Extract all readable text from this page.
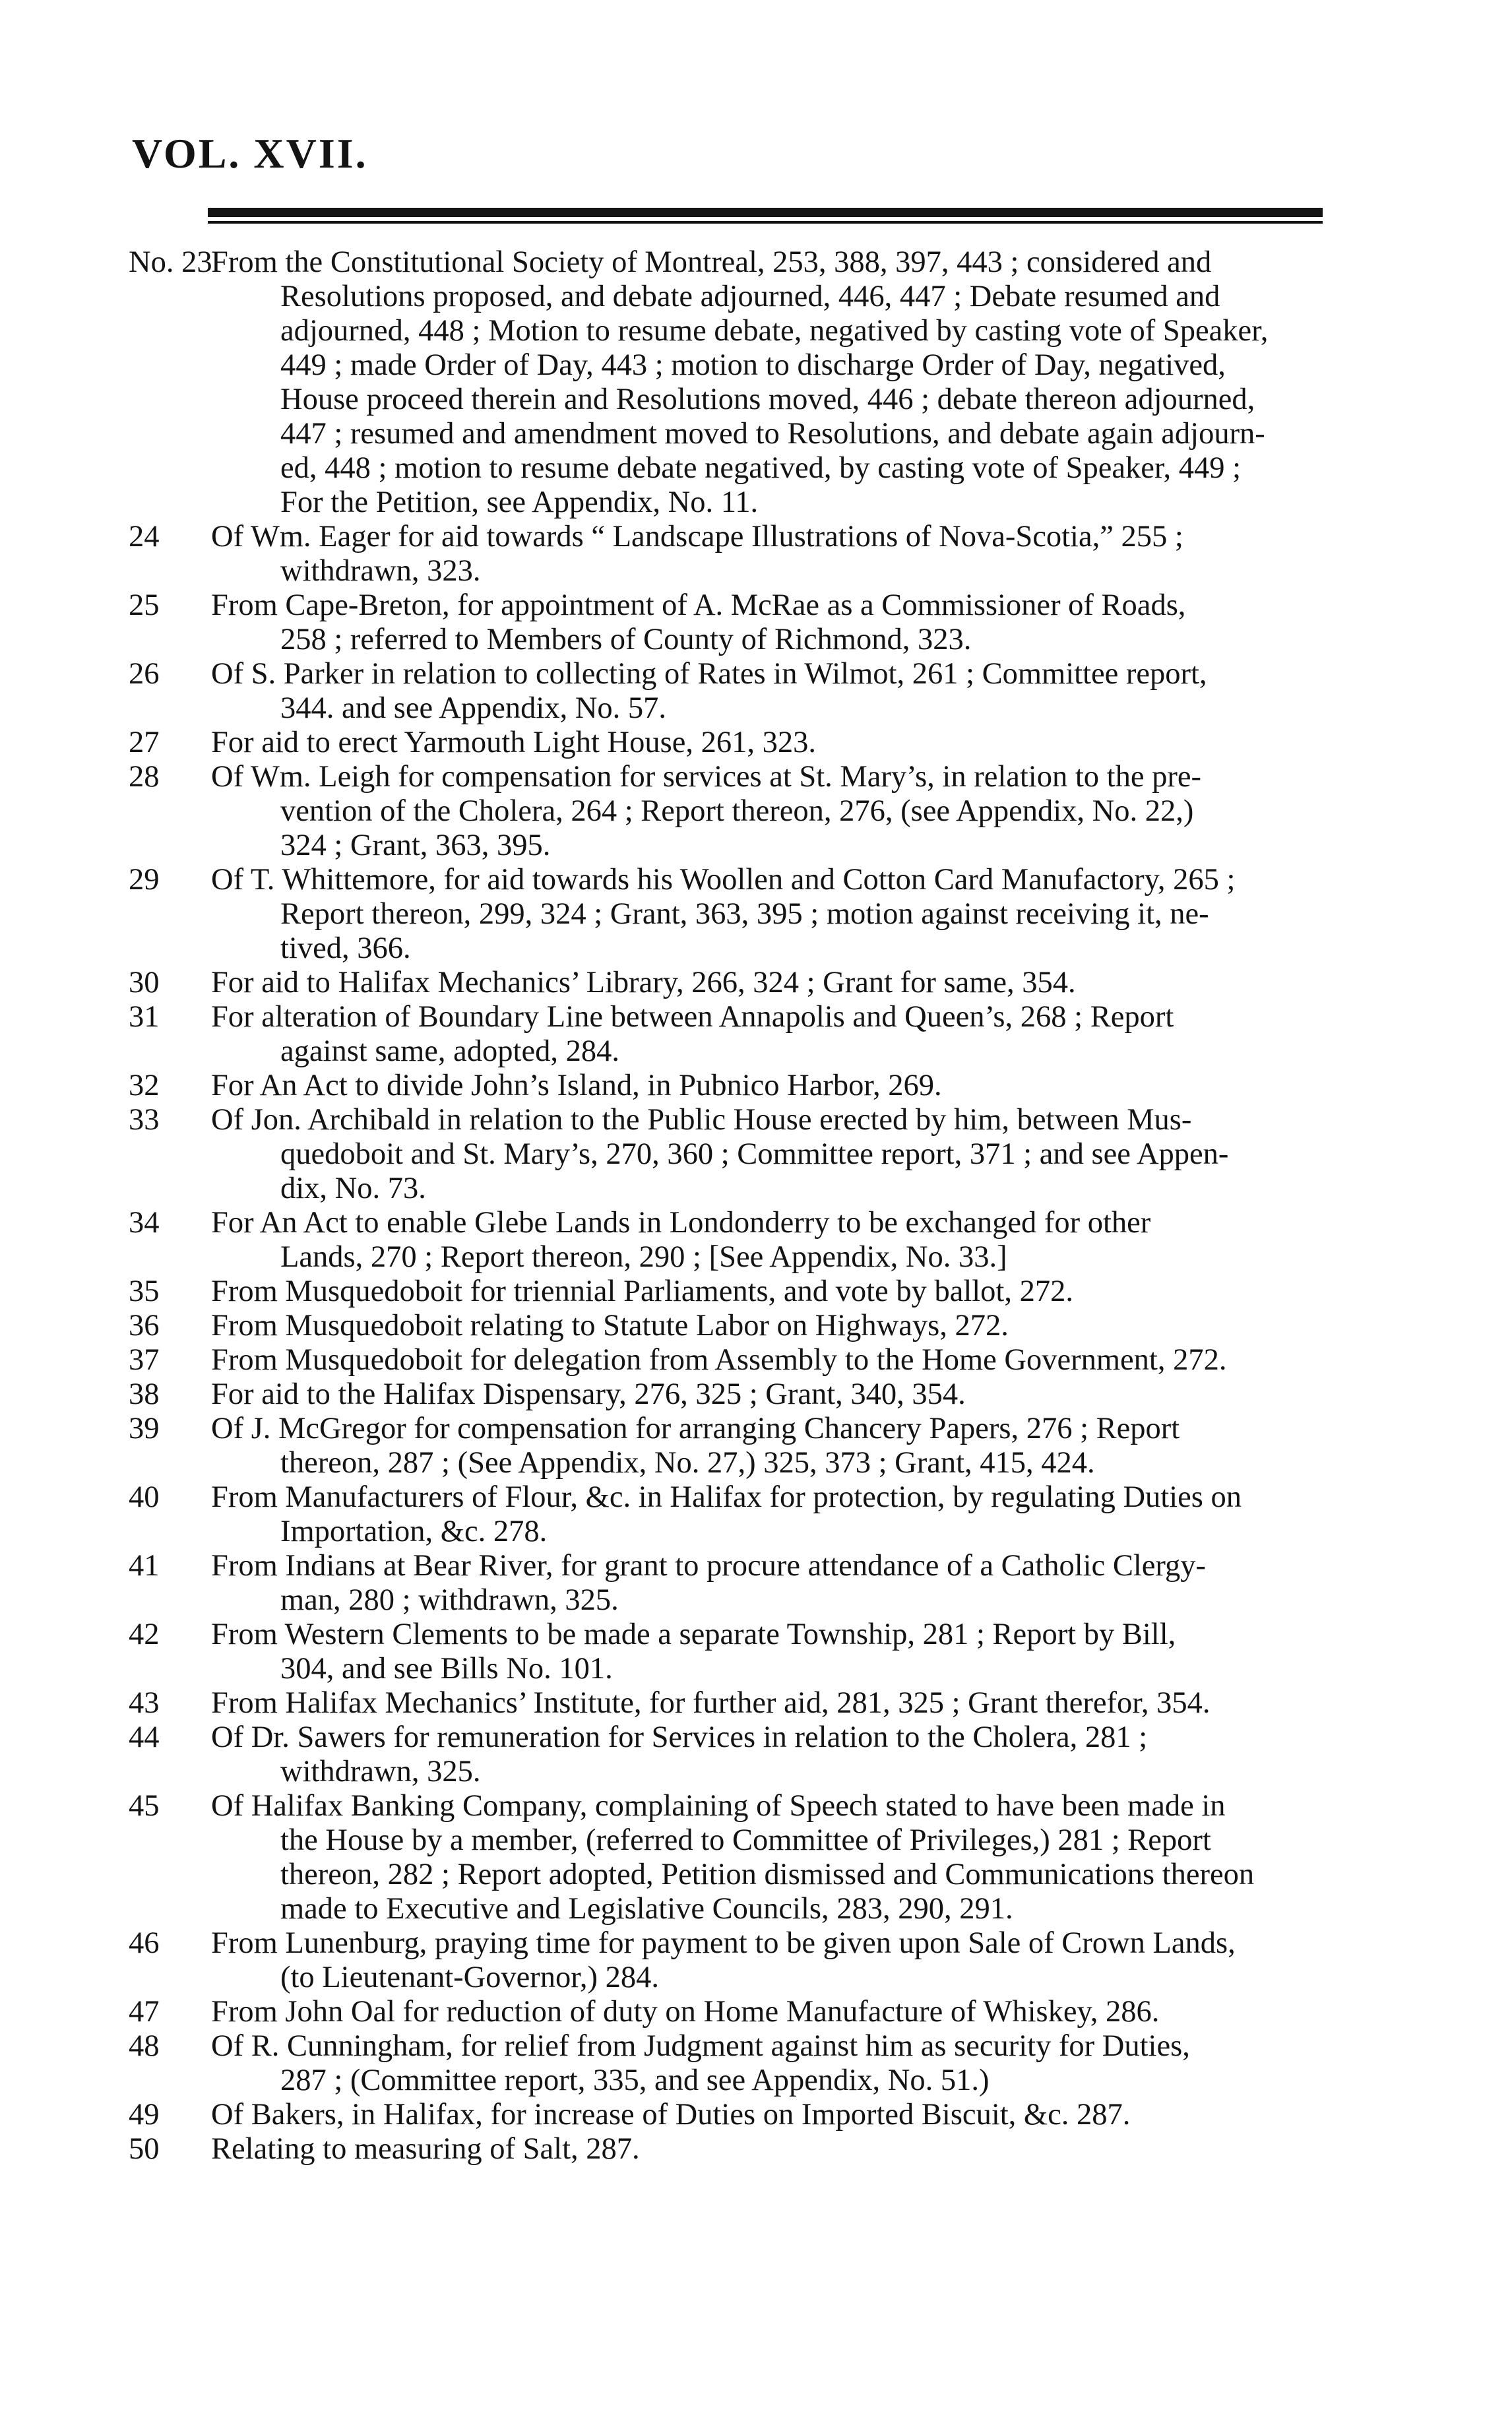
VOL. XVII.
No. 23
From the Constitutional Society of Montreal, 253, 388, 397, 443 ; considered and
Resolutions proposed, and debate adjourned, 446, 447 ; Debate resumed and
adjourned, 448 ; Motion to resume debate, negatived by casting vote of Speaker,
449 ; made Order of Day, 443 ; motion to discharge Order of Day, negatived,
House proceed therein and Resolutions moved, 446 ; debate thereon adjourned,
447 ; resumed and amendment moved to Resolutions, and debate again adjourn-
ed, 448 ; motion to resume debate negatived, by casting vote of Speaker, 449 ;
For the Petition, see Appendix, No. 11.
24	Of Wm. Eager for aid towards “ Landscape Illustrations of Nova-Scotia,” 255 ;
withdrawn, 323.
25	From Cape-Breton, for appointment of A. McRae as a Commissioner of Roads,
258 ; referred to Members of County of Richmond, 323.
26	Of S. Parker in relation to collecting of Rates in Wilmot, 261 ; Committee report,
344. and see Appendix, No. 57.
27	For aid to erect Yarmouth Light House, 261, 323.
28	Of Wm. Leigh for compensation for services at St. Mary’s, in relation to the pre-
vention of the Cholera, 264 ; Report thereon, 276, (see Appendix, No. 22,)
324 ; Grant, 363, 395.
29	Of T. Whittemore, for aid towards his Woollen and Cotton Card Manufactory, 265 ;
Report thereon, 299, 324 ; Grant, 363, 395 ; motion against receiving it, ne-
tived, 366.
30	For aid to Halifax Mechanics’ Library, 266, 324 ; Grant for same, 354.
31	For alteration of Boundary Line between Annapolis and Queen’s, 268 ; Report
against same, adopted, 284.
32	For An Act to divide John’s Island, in Pubnico Harbor, 269.
33	Of Jon. Archibald in relation to the Public House erected by him, between Mus-
quedoboit and St. Mary’s, 270, 360 ; Committee report, 371 ; and see Appen-
dix, No. 73.
34	For An Act to enable Glebe Lands in Londonderry to be exchanged for other
Lands, 270 ; Report thereon, 290 ; [See Appendix, No. 33.]
35	From Musquedoboit for triennial Parliaments, and vote by ballot, 272.
36	From Musquedoboit relating to Statute Labor on Highways, 272.
37	From Musquedoboit for delegation from Assembly to the Home Government, 272.
38	For aid to the Halifax Dispensary, 276, 325 ; Grant, 340, 354.
39	Of J. McGregor for compensation for arranging Chancery Papers, 276 ; Report
thereon, 287 ; (See Appendix, No. 27,) 325, 373 ; Grant, 415, 424.
40	From Manufacturers of Flour, &c. in Halifax for protection, by regulating Duties on
Importation, &c. 278.
41	From Indians at Bear River, for grant to procure attendance of a Catholic Clergy-
man, 280 ; withdrawn, 325.
42	From Western Clements to be made a separate Township, 281 ; Report by Bill,
304, and see Bills No. 101.
43	From Halifax Mechanics’ Institute, for further aid, 281, 325 ; Grant therefor, 354.
44	Of Dr. Sawers for remuneration for Services in relation to the Cholera, 281 ;
withdrawn, 325.
45	Of Halifax Banking Company, complaining of Speech stated to have been made in
the House by a member, (referred to Committee of Privileges,) 281 ; Report
thereon, 282 ; Report adopted, Petition dismissed and Communications thereon
made to Executive and Legislative Councils, 283, 290, 291.
46	From Lunenburg, praying time for payment to be given upon Sale of Crown Lands,
(to Lieutenant-Governor,) 284.
47	From John Oal for reduction of duty on Home Manufacture of Whiskey, 286.
48	Of R. Cunningham, for relief from Judgment against him as security for Duties,
287 ; (Committee report, 335, and see Appendix, No. 51.)
49	Of Bakers, in Halifax, for increase of Duties on Imported Biscuit, &c. 287.
50	Relating to measuring of Salt, 287.
